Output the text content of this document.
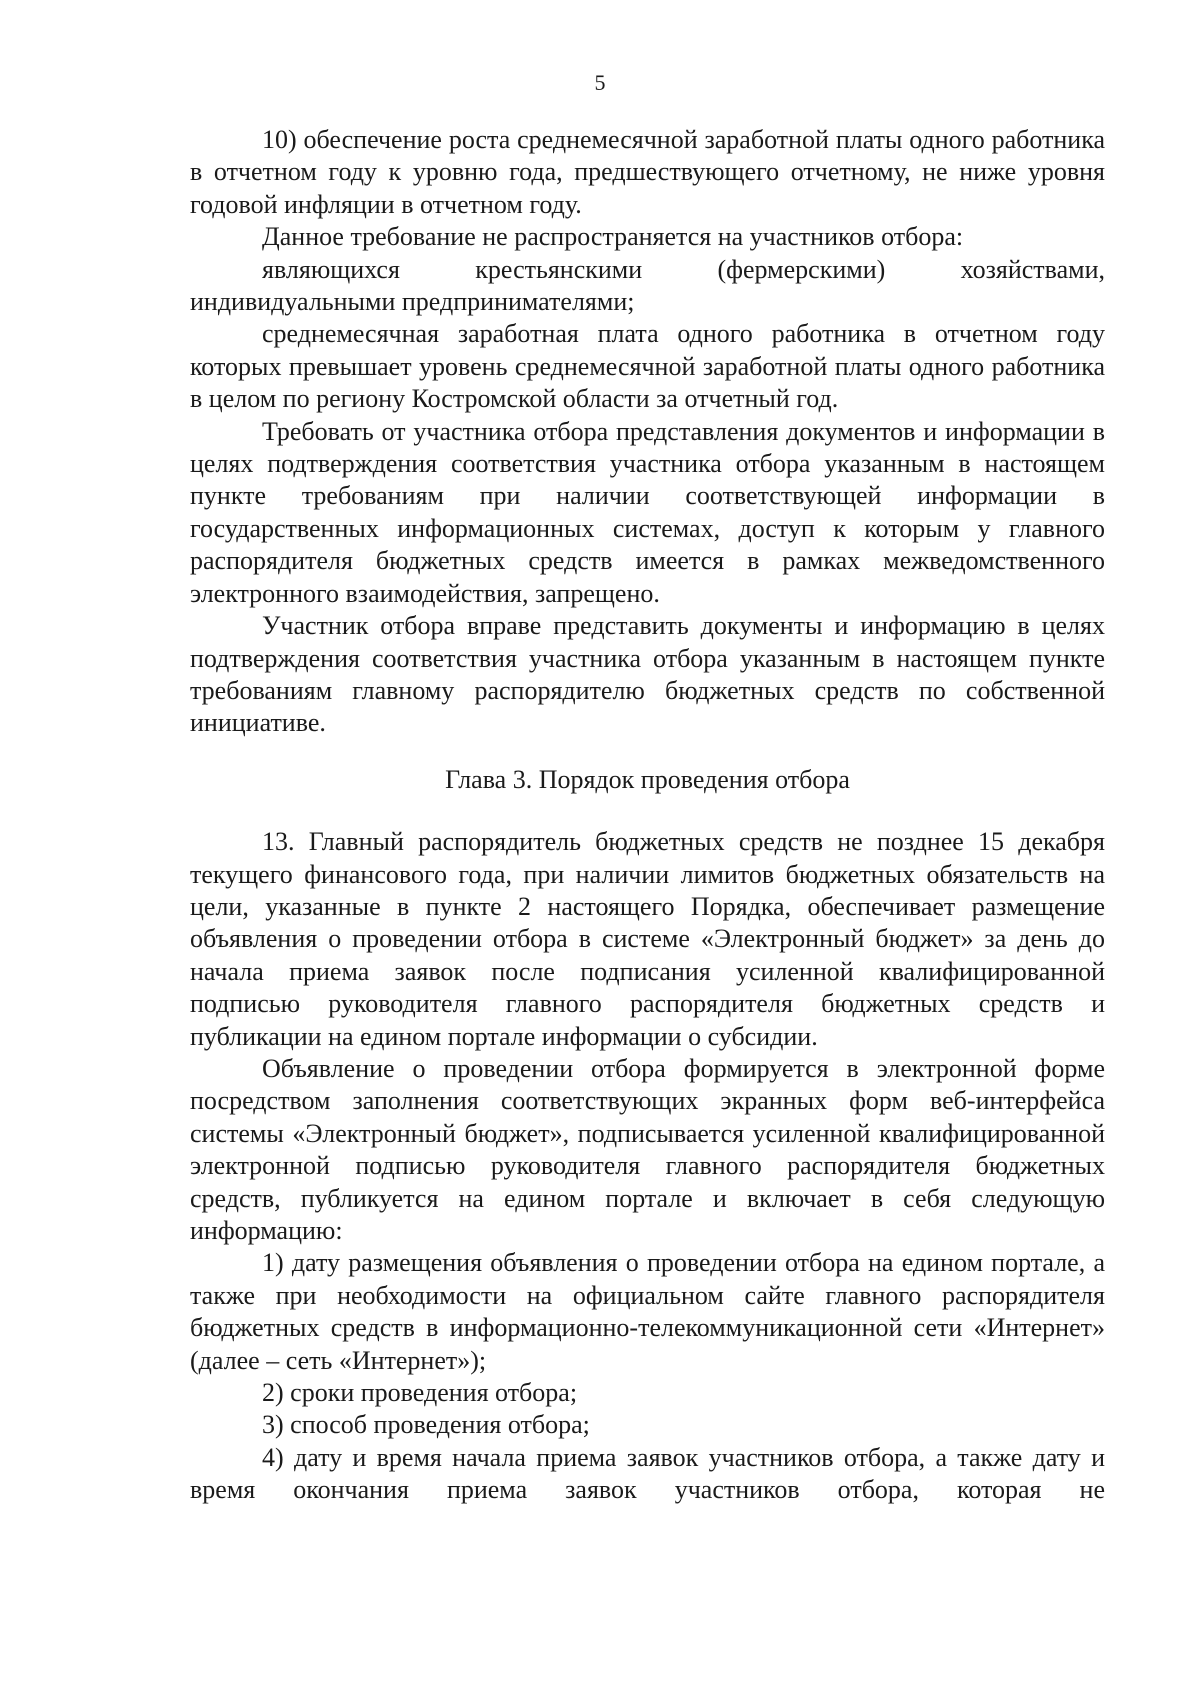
5

10) обеспечение роста среднемесячной заработной платы одного работника в отчетном году к уровню года, предшествующего отчетному, не ниже уровня годовой инфляции в отчетном году.

Данное требование не распространяется на участников отбора:

являющихся крестьянскими (фермерскими) хозяйствами, индивидуальными предпринимателями;

среднемесячная заработная плата одного работника в отчетном году которых превышает уровень среднемесячной заработной платы одного работника в целом по региону Костромской области за отчетный год.

Требовать от участника отбора представления документов и информации в целях подтверждения соответствия участника отбора указанным в настоящем пункте требованиям при наличии соответствующей информации в государственных информационных системах, доступ к которым у главного распорядителя бюджетных средств имеется в рамках межведомственного электронного взаимодействия, запрещено.

Участник отбора вправе представить документы и информацию в целях подтверждения соответствия участника отбора указанным в настоящем пункте требованиям главному распорядителю бюджетных средств по собственной инициативе.

Глава 3. Порядок проведения отбора

13. Главный распорядитель бюджетных средств не позднее 15 декабря текущего финансового года, при наличии лимитов бюджетных обязательств на цели, указанные в пункте 2 настоящего Порядка, обеспечивает размещение объявления о проведении отбора в системе «Электронный бюджет» за день до начала приема заявок после подписания усиленной квалифицированной подписью руководителя главного распорядителя бюджетных средств и публикации на едином портале информации о субсидии.

Объявление о проведении отбора формируется в электронной форме посредством заполнения соответствующих экранных форм веб-интерфейса системы «Электронный бюджет», подписывается усиленной квалифицированной электронной подписью руководителя главного распорядителя бюджетных средств, публикуется на едином портале и включает в себя следующую информацию:

1) дату размещения объявления о проведении отбора на едином портале, а также при необходимости на официальном сайте главного распорядителя бюджетных средств в информационно-телекоммуникационной сети «Интернет» (далее – сеть «Интернет»);

2) сроки проведения отбора;

3) способ проведения отбора;

4) дату и время начала приема заявок участников отбора, а также дату и время окончания приема заявок участников отбора, которая не
